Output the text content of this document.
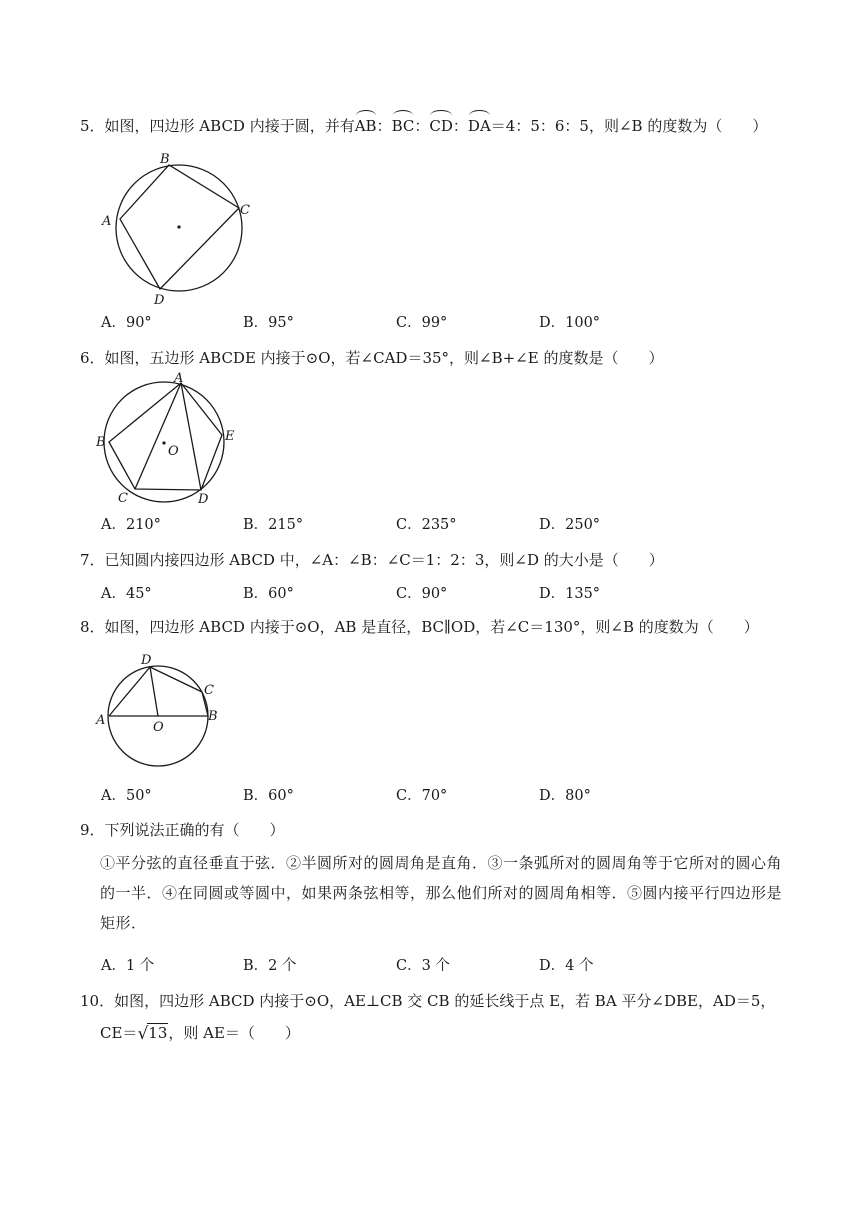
5．如图，四边形 ABCD 内接于圆，并有AB：BC：CD：DA＝4：5：6：5，则∠B 的度数为（　　）
A
B
C
D
A．90°	B．95°	C．99°	D．100°
6．如图，五边形 ABCDE 内接于⊙O，若∠CAD＝35°，则∠B+∠E 的度数是（　　）
A
B
C	D
E
O
A．210°	B．215°	C．235°	D．250°
7．已知圆内接四边形 ABCD 中，∠A：∠B：∠C＝1：2：3，则∠D 的大小是（　　）
A．45°	B．60°	C．90°	D．135°
8．如图，四边形 ABCD 内接于⊙O，AB 是直径，BC∥OD，若∠C＝130°，则∠B 的度数为（　　）
A
D
C
B
O
A．50°	B．60°	C．70°	D．80°
9．下列说法正确的有（　　）
①平分弦的直径垂直于弦．②半圆所对的圆周角是直角．③一条弧所对的圆周角等于它所对的圆心角的一半．④在同圆或等圆中，如果两条弦相等，那么他们所对的圆周角相等．⑤圆内接平行四边形是矩形．
A．1 个	B．2 个	C．3 个	D．4 个
10．如图，四边形 ABCD 内接于⊙O，AE⊥CB 交 CB 的延长线于点 E，若 BA 平分∠DBE，AD＝5，
CE＝√13，则 AE＝（　　）
